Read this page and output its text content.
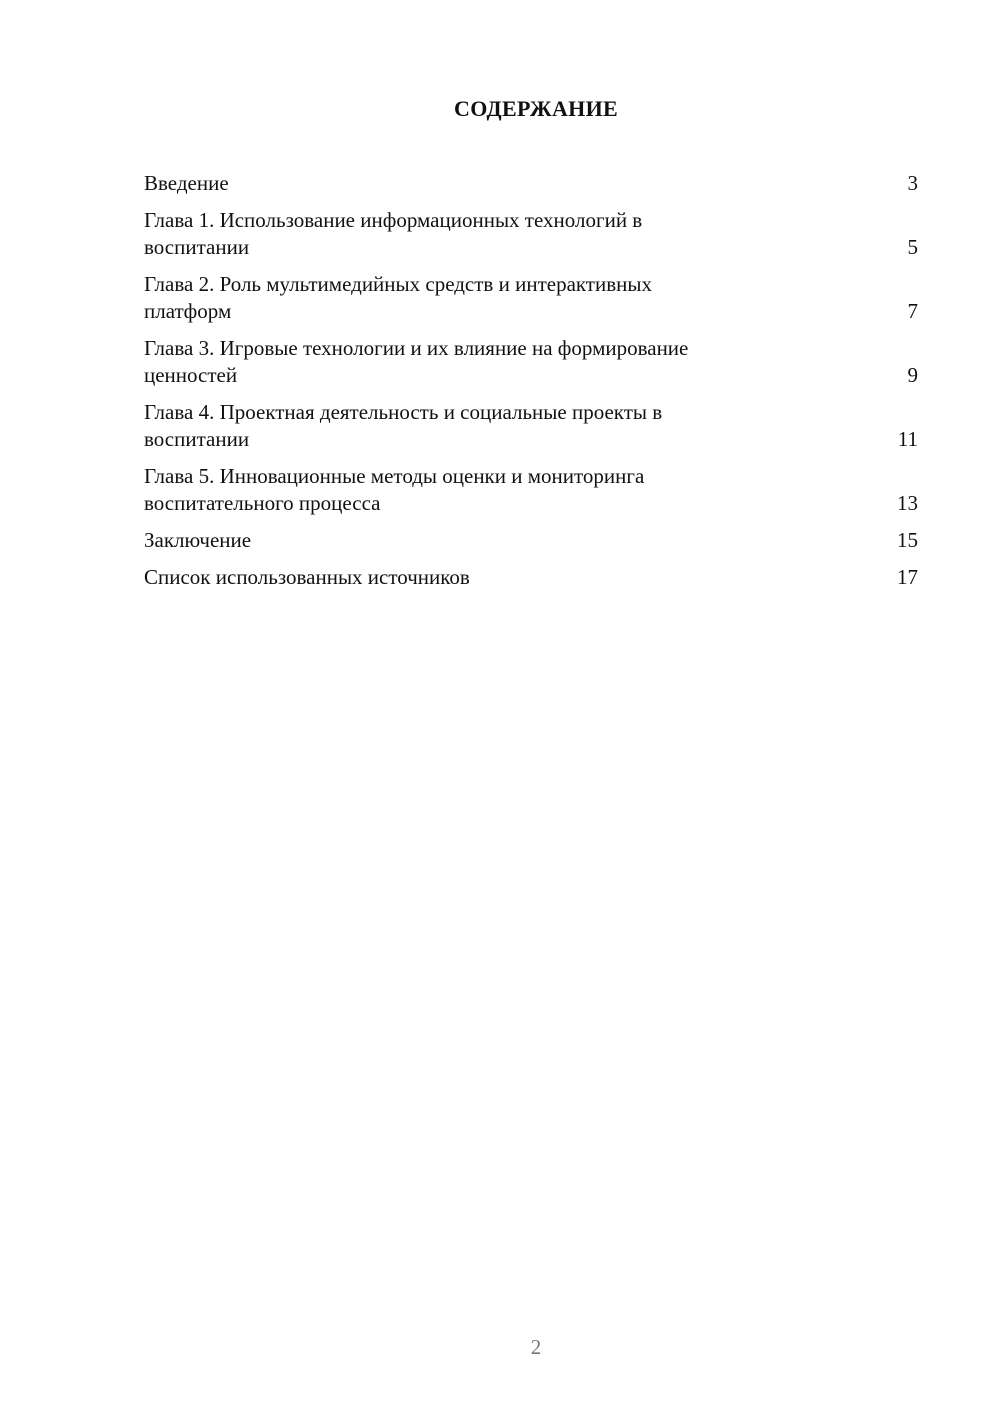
СОДЕРЖАНИЕ
Введение	3
Глава 1. Использование информационных технологий в
воспитании	5
Глава 2. Роль мультимедийных средств и интерактивных
платформ	7
Глава 3. Игровые технологии и их влияние на формирование
ценностей	9
Глава 4. Проектная деятельность и социальные проекты в
воспитании	11
Глава 5. Инновационные методы оценки и мониторинга
воспитательного процесса	13
Заключение	15
Список использованных источников	17
2
